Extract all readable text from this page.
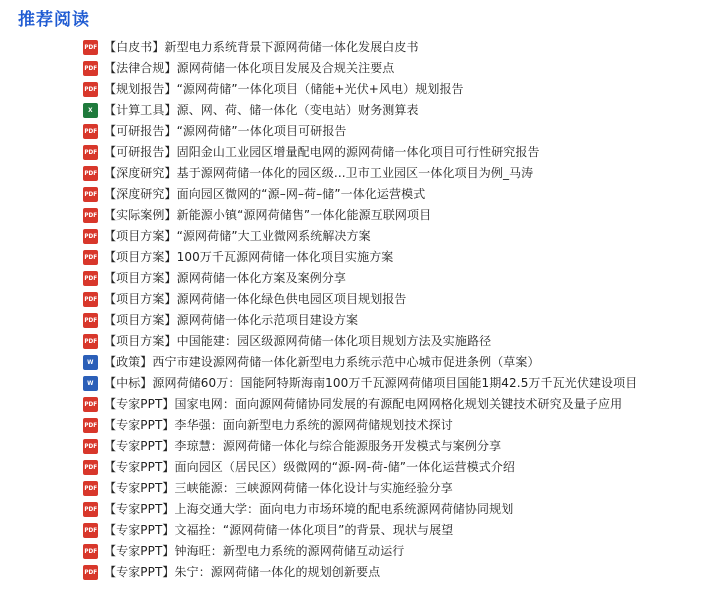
推荐阅读
PDF 【白皮书】新型电力系统背景下源网荷储一体化发展白皮书
PDF 【法律合规】源网荷储一体化项目发展及合规关注要点
PDF 【规划报告】“源网荷储”一体化项目（储能+光伏+风电）规划报告
X 【计算工具】源、网、荷、储一体化（变电站）财务测算表
PDF 【可研报告】“源网荷储”一体化项目可研报告
PDF 【可研报告】固阳金山工业园区增量配电网的源网荷储一体化项目可行性研究报告
PDF 【深度研究】基于源网荷储一体化的园区级...卫市工业园区一体化项目为例_马涛
PDF 【深度研究】面向园区微网的“源–网–荷–储”一体化运营模式
PDF 【实际案例】新能源小镇“源网荷储售”一体化能源互联网项目
PDF 【项目方案】“源网荷储”大工业微网系统解决方案
PDF 【项目方案】100万千瓦源网荷储一体化项目实施方案
PDF 【项目方案】源网荷储一体化方案及案例分享
PDF 【项目方案】源网荷储一体化绿色供电园区项目规划报告
PDF 【项目方案】源网荷储一体化示范项目建设方案
PDF 【项目方案】中国能建：园区级源网荷储一体化项目规划方法及实施路径
W 【政策】西宁市建设源网荷储一体化新型电力系统示范中心城市促进条例（草案）
W 【中标】源网荷储60万：国能阿特斯海南100万千瓦源网荷储项目国能1期42.5万千瓦光伏建设项目
PDF 【专家PPT】国家电网：面向源网荷储协同发展的有源配电网网格化规划关键技术研究及量子应用
PDF 【专家PPT】李华强：面向新型电力系统的源网荷储规划技术探讨
PDF 【专家PPT】李琼慧：源网荷储一体化与综合能源服务开发模式与案例分享
PDF 【专家PPT】面向园区（居民区）级微网的“源-网-荷-储”一体化运营模式介绍
PDF 【专家PPT】三峡能源：三峡源网荷储一体化设计与实施经验分享
PDF 【专家PPT】上海交通大学：面向电力市场环境的配电系统源网荷储协同规划
PDF 【专家PPT】文福拴：“源网荷储一体化项目”的背景、现状与展望
PDF 【专家PPT】钟海旺：新型电力系统的源网荷储互动运行
PDF 【专家PPT】朱宁：源网荷储一体化的规划创新要点
